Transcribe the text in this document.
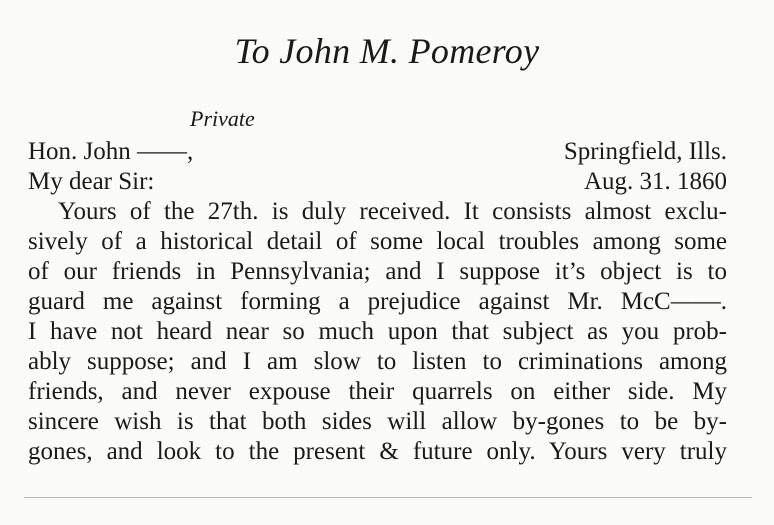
To John M. Pomeroy
Private
Hon. John ——,
My dear Sir:
Springfield, Ills.
Aug. 31. 1860
Yours of the 27th. is duly received. It consists almost exclu-
sively of a historical detail of some local troubles among some
of our friends in Pennsylvania; and I suppose it’s object is to
guard me against forming a prejudice against Mr. McC——.
I have not heard near so much upon that subject as you prob-
ably suppose; and I am slow to listen to criminations among
friends, and never expouse their quarrels on either side. My
sincere wish is that both sides will allow by-gones to be by-
gones, and look to the present & future only. Yours very truly
